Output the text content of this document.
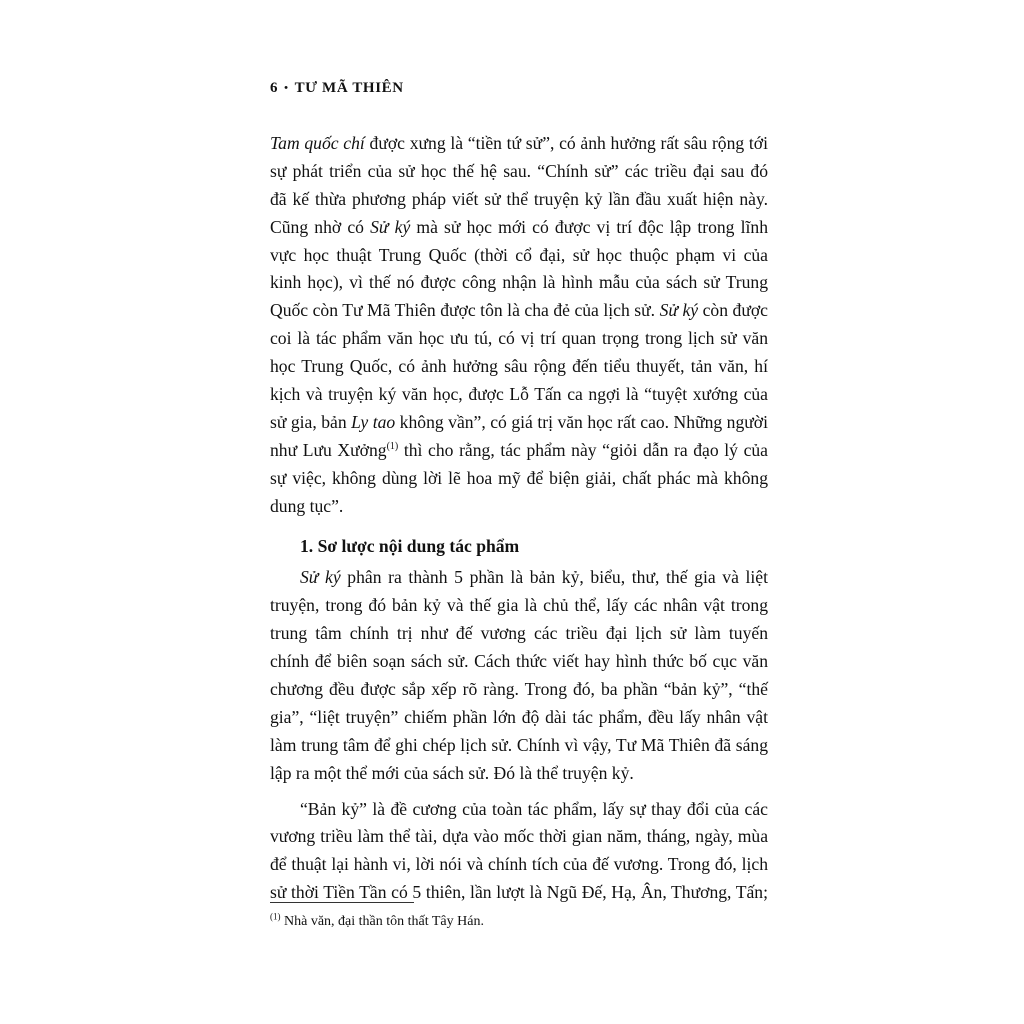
6 • TƯ MÃ THIÊN
Tam quốc chí được xưng là “tiền tứ sử”, có ảnh hưởng rất sâu rộng tới
sự phát triển của sử học thế hệ sau. “Chính sử” các triều đại sau đó
đã kế thừa phương pháp viết sử thể truyện kỷ lần đầu xuất hiện này.
Cũng nhờ có Sử ký mà sử học mới có được vị trí độc lập trong lĩnh
vực học thuật Trung Quốc (thời cổ đại, sử học thuộc phạm vi của
kinh học), vì thế nó được công nhận là hình mẫu của sách sử Trung
Quốc còn Tư Mã Thiên được tôn là cha đẻ của lịch sử. Sử ký còn được
coi là tác phẩm văn học ưu tú, có vị trí quan trọng trong lịch sử văn
học Trung Quốc, có ảnh hưởng sâu rộng đến tiểu thuyết, tản văn, hí
kịch và truyện ký văn học, được Lỗ Tấn ca ngợi là “tuyệt xướng của
sử gia, bản Ly tao không vần”, có giá trị văn học rất cao. Những người
như Lưu Xưởng$^{(1)}$ thì cho rằng, tác phẩm này “giỏi dẫn ra đạo lý của
sự việc, không dùng lời lẽ hoa mỹ để biện giải, chất phác mà không
dung tục”.
1. Sơ lược nội dung tác phẩm
Sử ký phân ra thành 5 phần là bản kỷ, biểu, thư, thế gia và liệt
truyện, trong đó bản kỷ và thế gia là chủ thể, lấy các nhân vật trong
trung tâm chính trị như đế vương các triều đại lịch sử làm tuyến
chính để biên soạn sách sử. Cách thức viết hay hình thức bố cục văn
chương đều được sắp xếp rõ ràng. Trong đó, ba phần “bản kỷ”, “thế
gia”, “liệt truyện” chiếm phần lớn độ dài tác phẩm, đều lấy nhân vật
làm trung tâm để ghi chép lịch sử. Chính vì vậy, Tư Mã Thiên đã sáng
lập ra một thể mới của sách sử. Đó là thể truyện kỷ.
“Bản kỷ” là đề cương của toàn tác phẩm, lấy sự thay đổi của các
vương triều làm thể tài, dựa vào mốc thời gian năm, tháng, ngày, mùa
để thuật lại hành vi, lời nói và chính tích của đế vương. Trong đó, lịch
sử thời Tiền Tần có 5 thiên, lần lượt là Ngũ Đế, Hạ, Ân, Thương, Tấn;
$^{(1)}$ Nhà văn, đại thần tôn thất Tây Hán.
